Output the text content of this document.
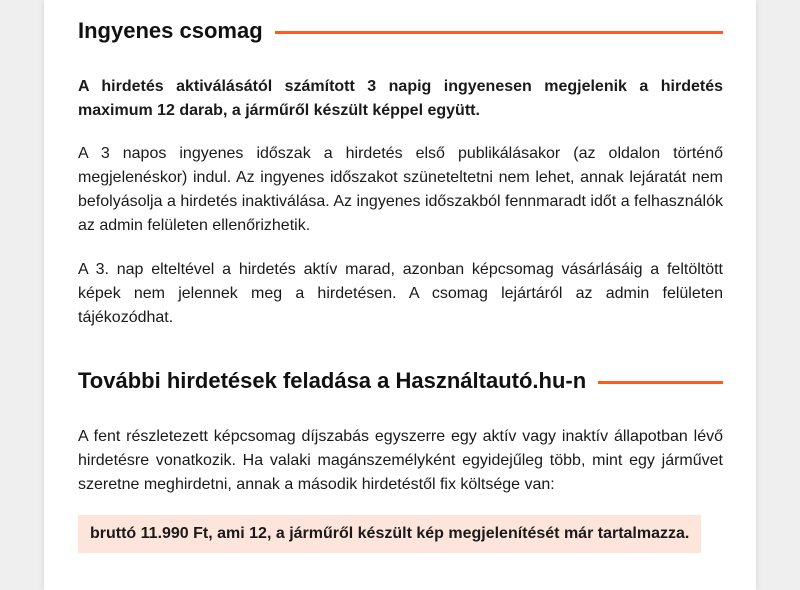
Ingyenes csomag

A hirdetés aktiválásától számított 3 napig ingyenesen megjelenik a hirdetés maximum 12 darab, a járműről készült képpel együtt.

A 3 napos ingyenes időszak a hirdetés első publikálásakor (az oldalon történő megjelenéskor) indul. Az ingyenes időszakot szüneteltetni nem lehet, annak lejáratát nem befolyásolja a hirdetés inaktiválása. Az ingyenes időszakból fennmaradt időt a felhasználók az admin felületen ellenőrizhetik.

A 3. nap elteltével a hirdetés aktív marad, azonban képcsomag vásárlásáig a feltöltött képek nem jelennek meg a hirdetésen. A csomag lejártáról az admin felületen tájékozódhat.

További hirdetések feladása a Használtautó.hu-n

A fent részletezett képcsomag díjszabás egyszerre egy aktív vagy inaktív állapotban lévő hirdetésre vonatkozik. Ha valaki magánszemélyként egyidejűleg több, mint egy járművet szeretne meghirdetni, annak a második hirdetéstől fix költsége van:

bruttó 11.990 Ft, ami 12, a járműről készült kép megjelenítését már tartalmazza.
